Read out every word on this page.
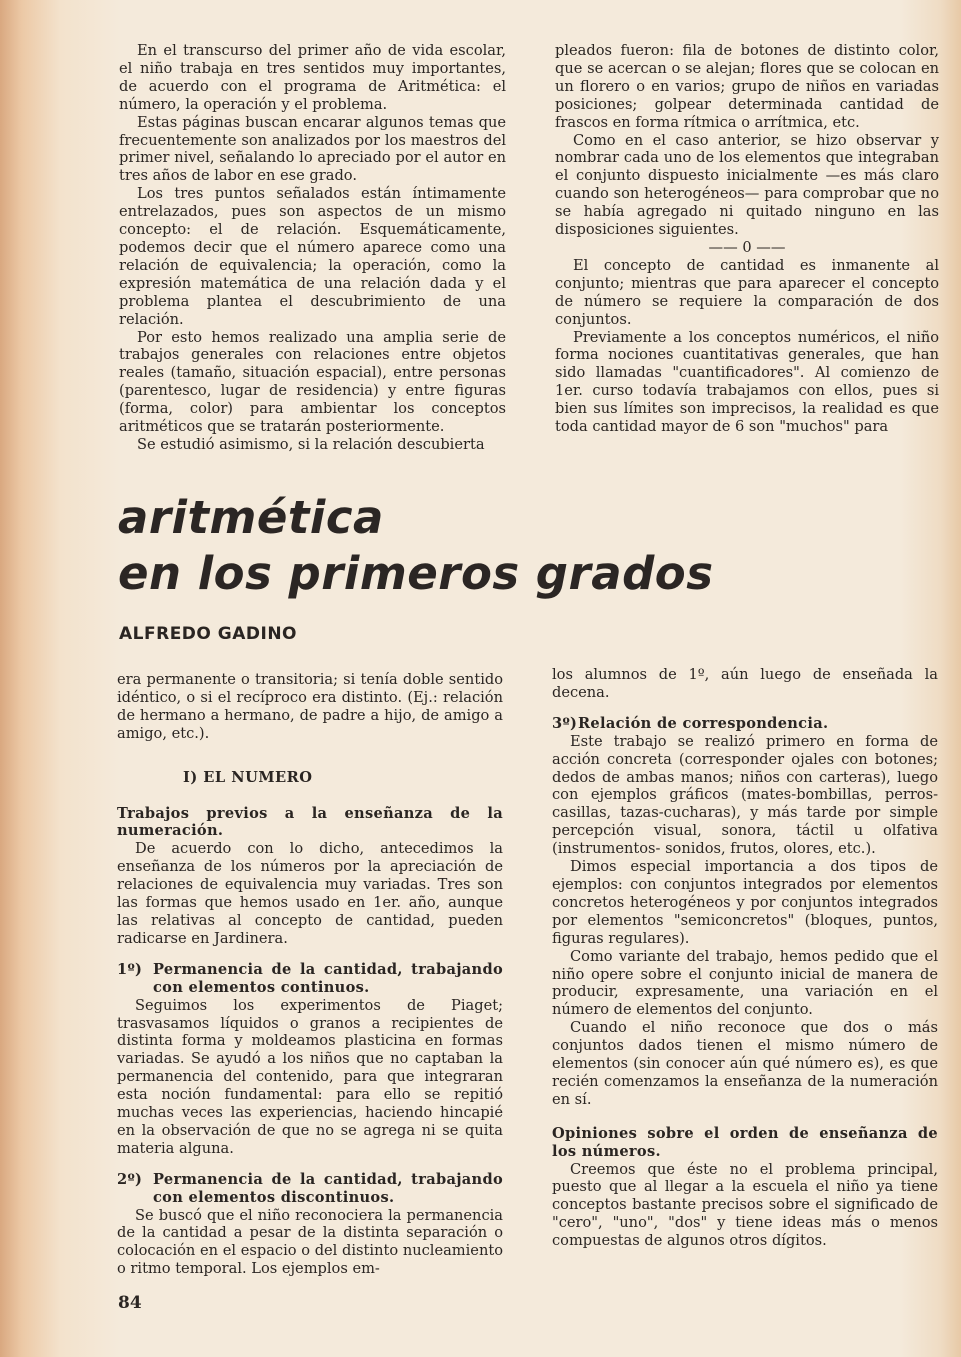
En el transcurso del primer año de vida escolar, el niño trabaja en tres sentidos muy importantes, de acuerdo con el programa de Aritmética: el número, la operación y el problema.

Estas páginas buscan encarar algunos temas que frecuentemente son analizados por los maestros del primer nivel, señalando lo apreciado por el autor en tres años de labor en ese grado.

Los tres puntos señalados están íntimamente entrelazados, pues son aspectos de un mismo concepto: el de relación. Esquemáticamente, podemos decir que el número aparece como una relación de equivalencia; la operación, como la expresión matemática de una relación dada y el problema plantea el descubrimiento de una relación.

Por esto hemos realizado una amplia serie de trabajos generales con relaciones entre objetos reales (tamaño, situación espacial), entre personas (parentesco, lugar de residencia) y entre figuras (forma, color) para ambientar los conceptos aritméticos que se tratarán posteriormente.

Se estudió asimismo, si la relación descubierta

pleados fueron: fila de botones de distinto color, que se acercan o se alejan; flores que se colocan en un florero o en varios; grupo de niños en variadas posiciones; golpear determinada cantidad de frascos en forma rítmica o arrítmica, etc.

Como en el caso anterior, se hizo observar y nombrar cada uno de los elementos que integraban el conjunto dispuesto inicialmente —es más claro cuando son heterogéneos— para comprobar que no se había agregado ni quitado ninguno en las disposiciones siguientes.

—— 0 ——

El concepto de cantidad es inmanente al conjunto; mientras que para aparecer el concepto de número se requiere la comparación de dos conjuntos.

Previamente a los conceptos numéricos, el niño forma nociones cuantitativas generales, que han sido llamadas "cuantificadores". Al comienzo de 1er. curso todavía trabajamos con ellos, pues si bien sus límites son imprecisos, la realidad es que toda cantidad mayor de 6 son "muchos" para

aritmética
en los primeros grados
ALFREDO GADINO

era permanente o transitoria; si tenía doble sentido idéntico, o si el recíproco era distinto. (Ej.: relación de hermano a hermano, de padre a hijo, de amigo a amigo, etc.).

I) EL NUMERO

Trabajos previos a la enseñanza de la numeración.

De acuerdo con lo dicho, antecedimos la enseñanza de los números por la apreciación de relaciones de equivalencia muy variadas. Tres son las formas que hemos usado en 1er. año, aunque las relativas al concepto de cantidad, pueden radicarse en Jardinera.

1º) Permanencia de la cantidad, trabajando con elementos continuos.

Seguimos los experimentos de Piaget; trasvasamos líquidos o granos a recipientes de distinta forma y moldeamos plasticina en formas variadas. Se ayudó a los niños que no captaban la permanencia del contenido, para que integraran esta noción fundamental: para ello se repitió muchas veces las experiencias, haciendo hincapié en la observación de que no se agrega ni se quita materia alguna.

2º) Permanencia de la cantidad, trabajando con elementos discontinuos.

Se buscó que el niño reconociera la permanencia de la cantidad a pesar de la distinta separación o colocación en el espacio o del distinto nucleamiento o ritmo temporal. Los ejemplos em-

los alumnos de 1º, aún luego de enseñada la decena.

3º) Relación de correspondencia.

Este trabajo se realizó primero en forma de acción concreta (corresponder ojales con botones; dedos de ambas manos; niños con carteras), luego con ejemplos gráficos (mates-bombillas, perros-casillas, tazas-cucharas), y más tarde por simple percepción visual, sonora, táctil u olfativa (instrumentos- sonidos, frutos, olores, etc.).

Dimos especial importancia a dos tipos de ejemplos: con conjuntos integrados por elementos concretos heterogéneos y por conjuntos integrados por elementos "semiconcretos" (bloques, puntos, figuras regulares).

Como variante del trabajo, hemos pedido que el niño opere sobre el conjunto inicial de manera de producir, expresamente, una variación en el número de elementos del conjunto.

Cuando el niño reconoce que dos o más conjuntos dados tienen el mismo número de elementos (sin conocer aún qué número es), es que recién comenzamos la enseñanza de la numeración en sí.

Opiniones sobre el orden de enseñanza de los números.

Creemos que éste no el problema principal, puesto que al llegar a la escuela el niño ya tiene conceptos bastante precisos sobre el significado de "cero", "uno", "dos" y tiene ideas más o menos compuestas de algunos otros dígitos.

84
